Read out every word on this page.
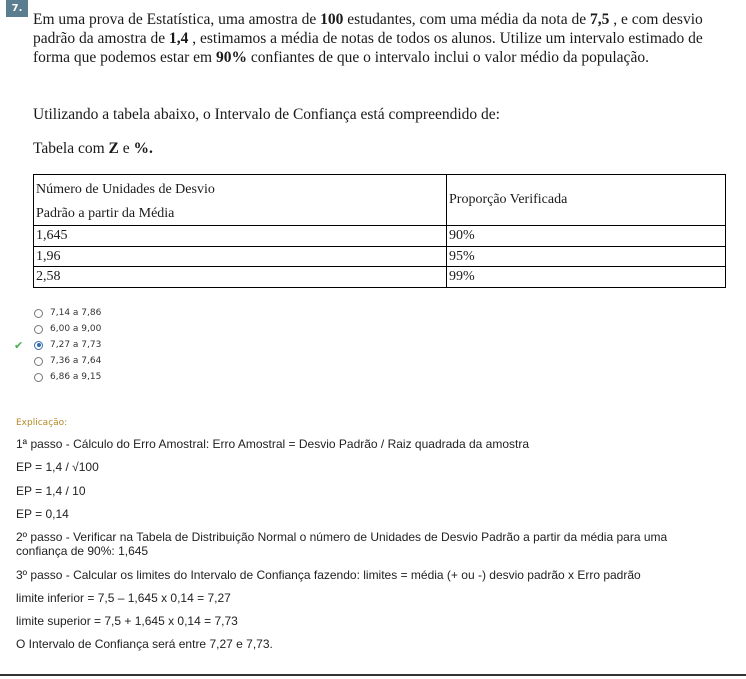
7.
Em uma prova de Estatística, uma amostra de 100 estudantes, com uma média da nota de 7,5 , e com desvio padrão da amostra de 1,4 , estimamos a média de notas de todos os alunos. Utilize um intervalo estimado de forma que podemos estar em 90% confiantes de que o intervalo inclui o valor médio da população.
Utilizando a tabela abaixo, o Intervalo de Confiança está compreendido de:
Tabela com Z e %.
Número de Unidades de Desvio
Padrão a partir da Média	Proporção Verificada
1,645	90%
1,96	95%
2,58	99%
7,14 a 7,86
6,00 a 9,00
✔	7,27 a 7,73
7,36 a 7,64
6,86 a 9,15
Explicação:
1ª passo - Cálculo do Erro Amostral: Erro Amostral = Desvio Padrão / Raiz quadrada da amostra
EP = 1,4 / √100
EP = 1,4 / 10
EP = 0,14
2º passo - Verificar na Tabela de Distribuição Normal o número de Unidades de Desvio Padrão a partir da média para uma confiança de 90%: 1,645
3º passo - Calcular os limites do Intervalo de Confiança fazendo: limites = média (+ ou -) desvio padrão x Erro padrão
limite inferior = 7,5 – 1,645 x 0,14 = 7,27
limite superior = 7,5 + 1,645 x 0,14 = 7,73
O Intervalo de Confiança será entre 7,27 e 7,73.
